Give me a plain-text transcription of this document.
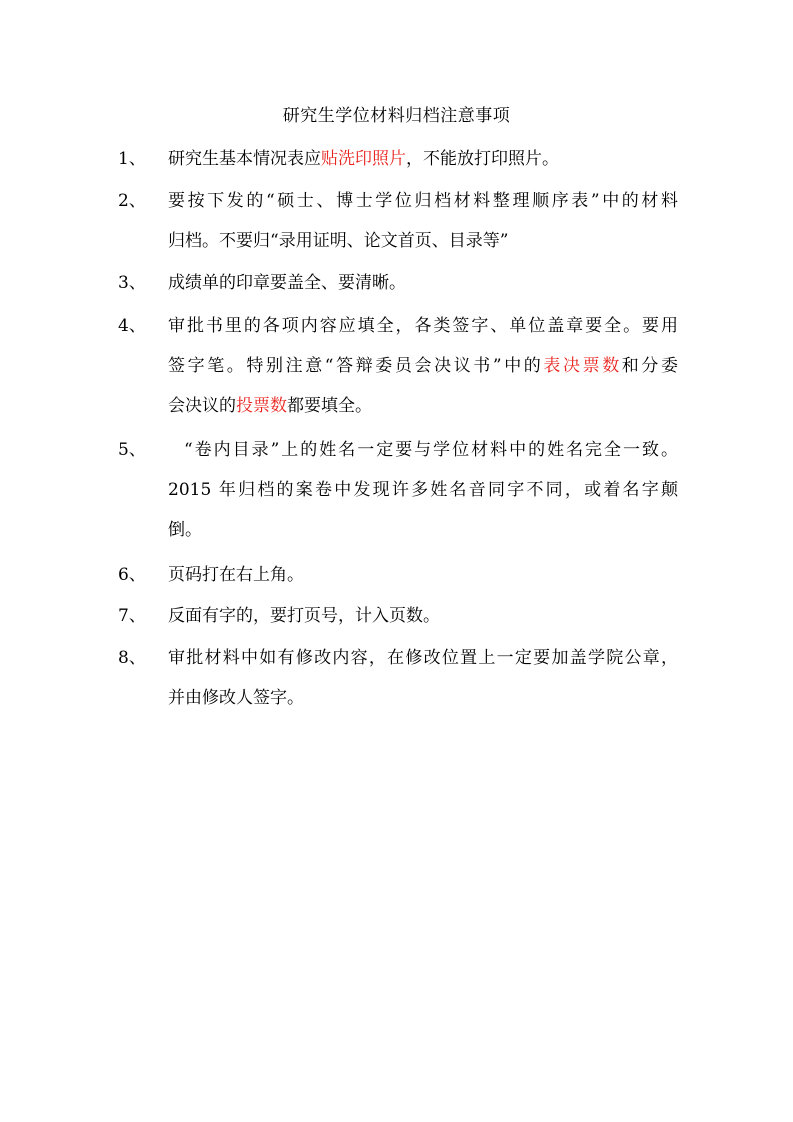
研究生学位材料归档注意事项
1、 研究生基本情况表应贴洗印照片，不能放打印照片。
2、 要按下发的“硕士、博士学位归档材料整理顺序表”中的材料
归档。不要归“录用证明、论文首页、目录等”
3、 成绩单的印章要盖全、要清晰。
4、 审批书里的各项内容应填全，各类签字、单位盖章要全。要用
签字笔。特别注意“答辩委员会决议书”中的表决票数和分委
会决议的投票数都要填全。
5、	“卷内目录”上的姓名一定要与学位材料中的姓名完全一致。
2015 年归档的案卷中发现许多姓名音同字不同，或着名字颠
倒。
6、 页码打在右上角。
7、 反面有字的，要打页号，计入页数。
8、 审批材料中如有修改内容，在修改位置上一定要加盖学院公章，
并由修改人签字。
